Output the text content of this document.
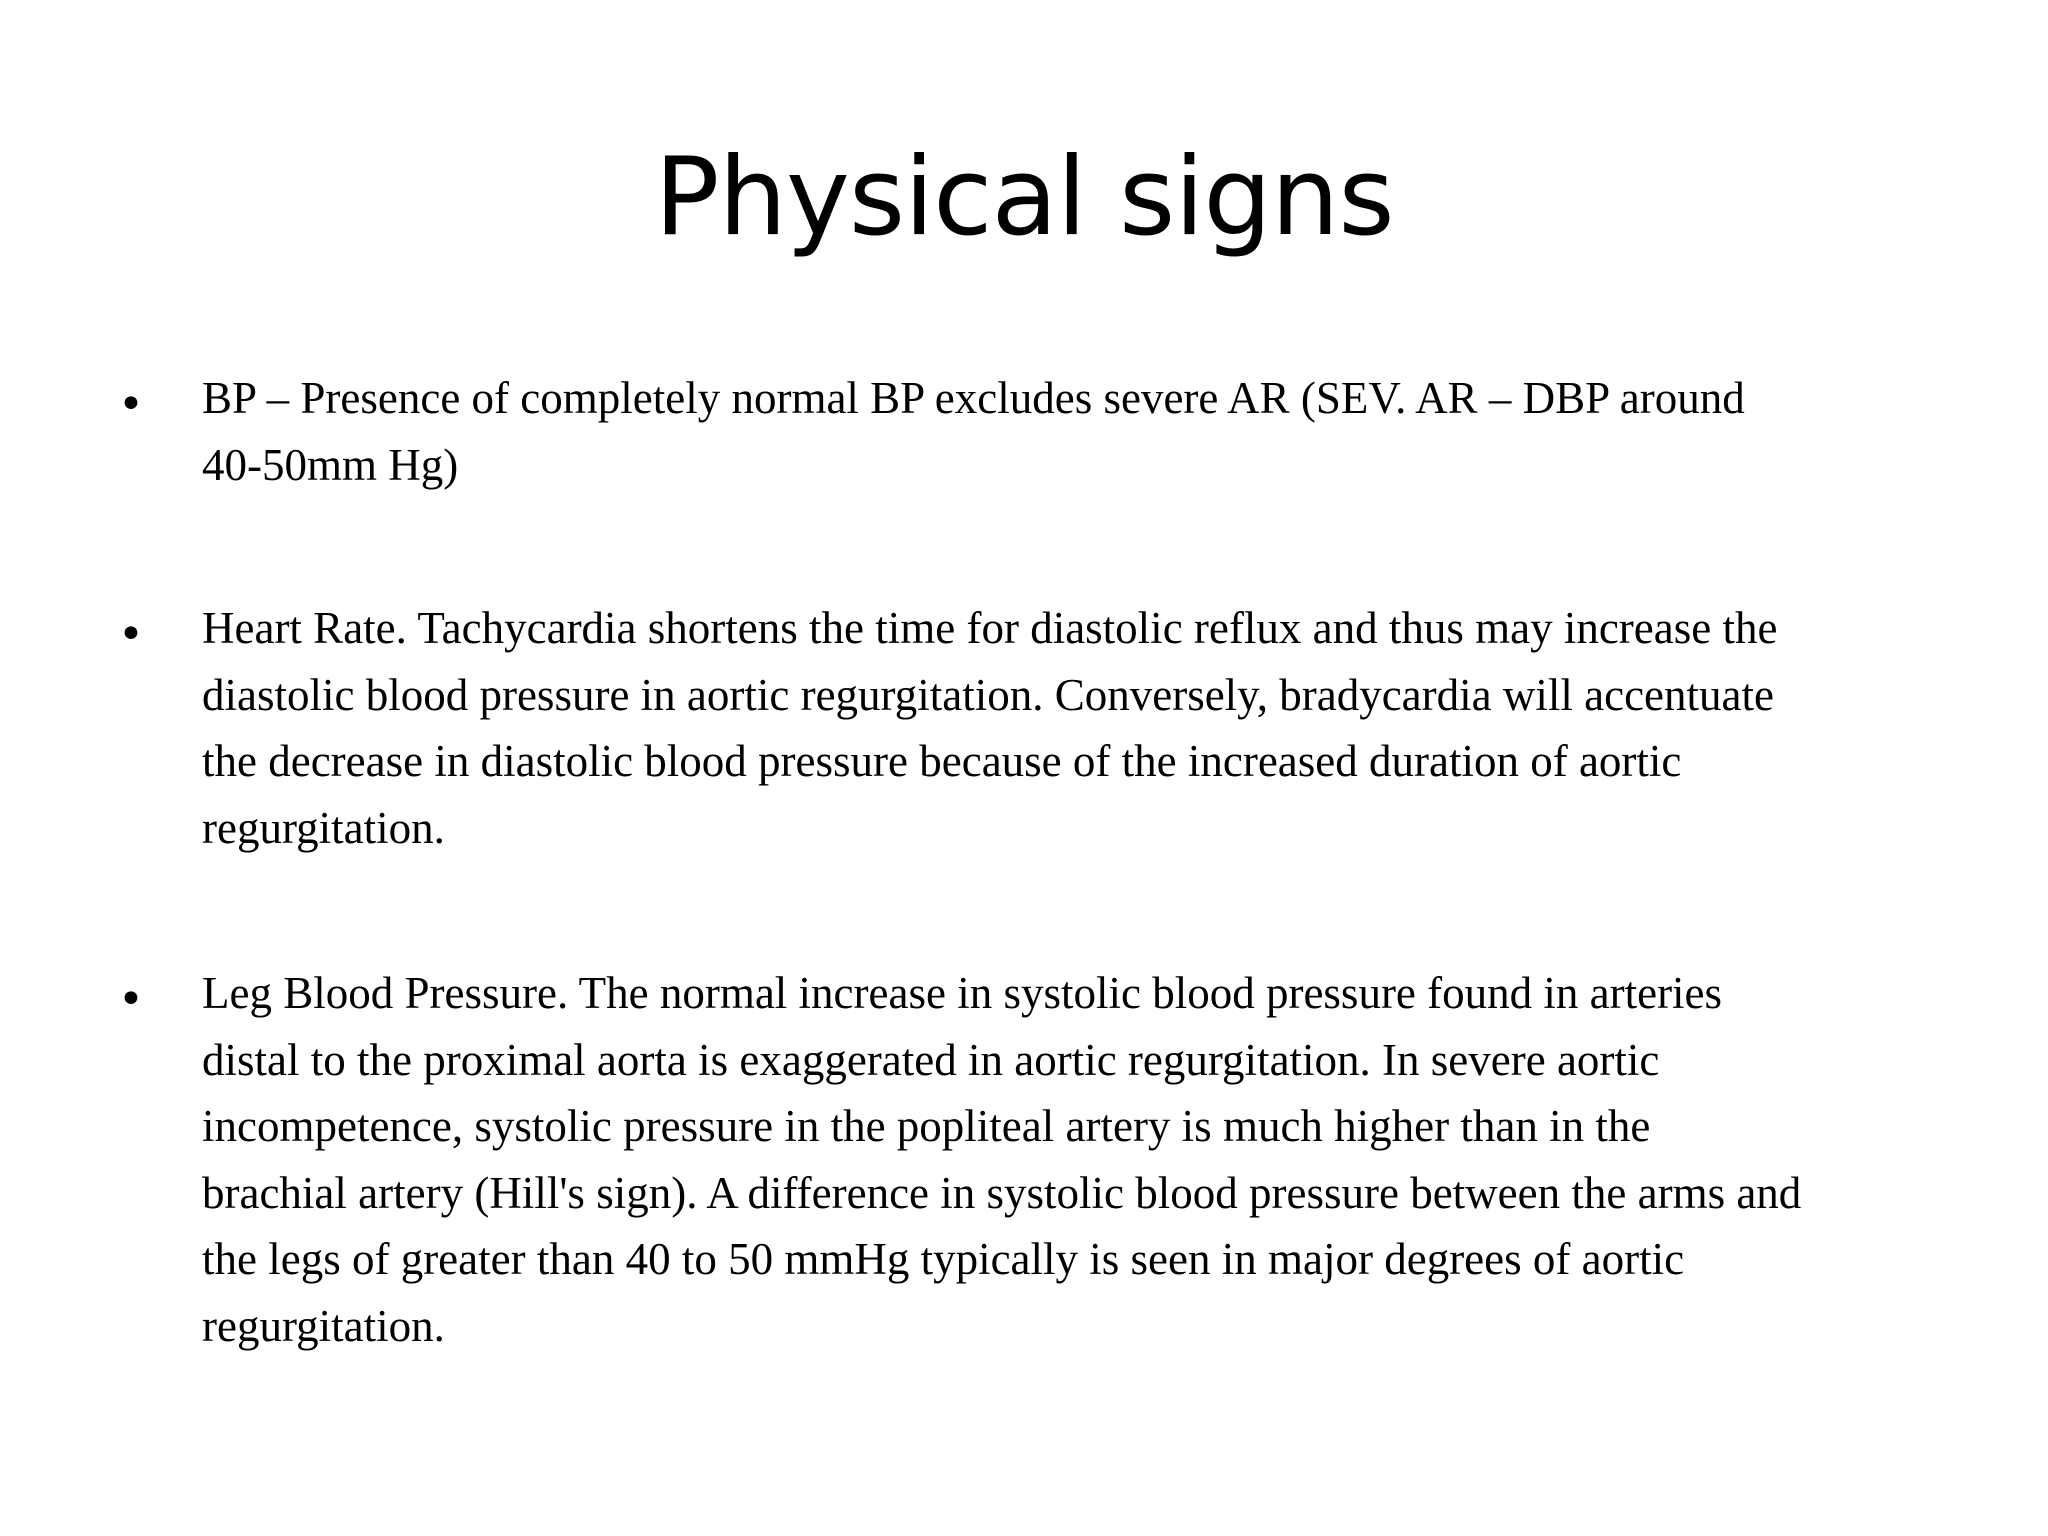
Physical signs
• BP – Presence of completely normal BP excludes severe AR (SEV. AR – DBP around
40-50mm Hg)
• Heart Rate. Tachycardia shortens the time for diastolic reflux and thus may increase the
diastolic blood pressure in aortic regurgitation. Conversely, bradycardia will accentuate
the decrease in diastolic blood pressure because of the increased duration of aortic
regurgitation.
• Leg Blood Pressure. The normal increase in systolic blood pressure found in arteries
distal to the proximal aorta is exaggerated in aortic regurgitation. In severe aortic
incompetence, systolic pressure in the popliteal artery is much higher than in the
brachial artery (Hill's sign). A difference in systolic blood pressure between the arms and
the legs of greater than 40 to 50 mmHg typically is seen in major degrees of aortic
regurgitation.
